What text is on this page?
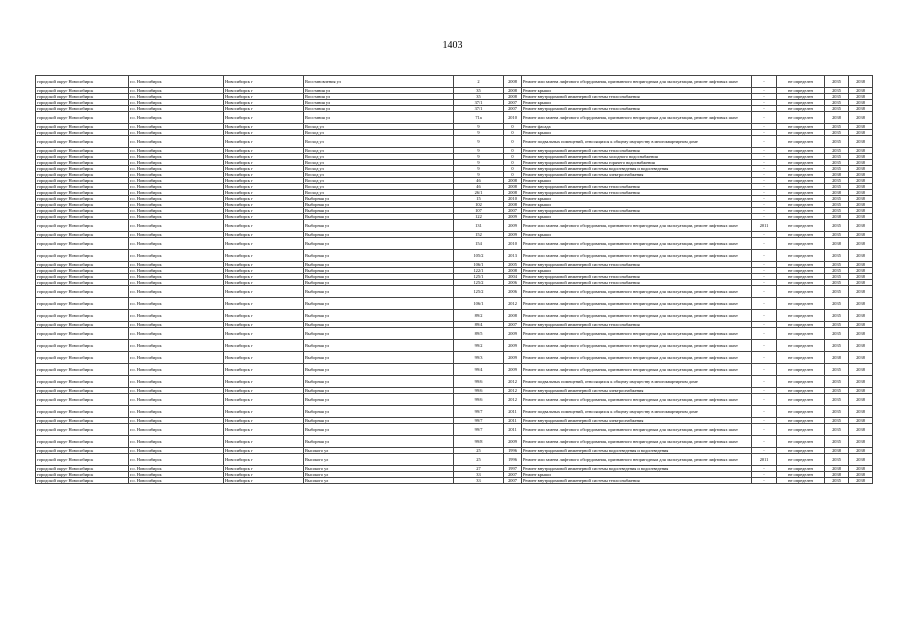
1403
городской округ Новосибирск	г.о. Новосибирск	Новосибирск г	Восстановления ул	2	2008	Ремонт или замена лифтового оборудования, признанного непригодным для эксплуатации, ремонт лифтовых шахт	-	не определен	2035	2038
городской округ Новосибирск	г.о. Новосибирск	Новосибирск г	Восстания ул	35	2008	Ремонт крыши	-	не определен	2035	2038
городской округ Новосибирск	г.о. Новосибирск	Новосибирск г	Восстания ул	35	2008	Ремонт внутридомовой инженерной системы теплоснабжения	-	не определен	2035	2038
городской округ Новосибирск	г.о. Новосибирск	Новосибирск г	Восстания ул	37/1	2007	Ремонт крыши	-	не определен	2035	2038
городской округ Новосибирск	г.о. Новосибирск	Новосибирск г	Восстания ул	37/1	2007	Ремонт внутридомовой инженерной системы теплоснабжения	-	не определен	2035	2038
городской округ Новосибирск	г.о. Новосибирск	Новосибирск г	Восстания ул	71а	2010	Ремонт или замена лифтового оборудования, признанного непригодным для эксплуатации, ремонт лифтовых шахт	-	не определен	2038	2038
городской округ Новосибирск	г.о. Новосибирск	Новосибирск г	Восход ул	9	0	Ремонт фасада	-	не определен	2035	2038
городской округ Новосибирск	г.о. Новосибирск	Новосибирск г	Восход ул	9	0	Ремонт крыши	-	не определен	2035	2038
городской округ Новосибирск	г.о. Новосибирск	Новосибирск г	Восход ул	9	0	Ремонт подвальных помещений, относящихся к общему имуществу в многоквартирном доме	-	не определен	2035	2038
городской округ Новосибирск	г.о. Новосибирск	Новосибирск г	Восход ул	9	0	Ремонт внутридомовой инженерной системы теплоснабжения	-	не определен	2035	2038
городской округ Новосибирск	г.о. Новосибирск	Новосибирск г	Восход ул	9	0	Ремонт внутридомовой инженерной системы холодного водоснабжения	-	не определен	2035	2038
городской округ Новосибирск	г.о. Новосибирск	Новосибирск г	Восход ул	9	0	Ремонт внутридомовой инженерной системы горячего водоснабжения	-	не определен	2035	2038
городской округ Новосибирск	г.о. Новосибирск	Новосибирск г	Восход ул	9	0	Ремонт внутридомовой инженерной системы водоотведения и водоотведения	-	не определен	2035	2038
городской округ Новосибирск	г.о. Новосибирск	Новосибирск г	Восход ул	9	0	Ремонт внутридомовой инженерной системы электроснабжения	-	не определен	2038	2038
городской округ Новосибирск	г.о. Новосибирск	Новосибирск г	Восход ул	46	2008	Ремонт крыши	-	не определен	2035	2038
городской округ Новосибирск	г.о. Новосибирск	Новосибирск г	Восход ул	46	2008	Ремонт внутридомовой инженерной системы теплоснабжения	-	не определен	2035	2038
городской округ Новосибирск	г.о. Новосибирск	Новосибирск г	Восход ул	26/1	2008	Ремонт внутридомовой инженерной системы теплоснабжения	-	не определен	2038	2038
городской округ Новосибирск	г.о. Новосибирск	Новосибирск г	Выборная ул	15	2010	Ремонт крыши	-	не определен	2035	2038
городской округ Новосибирск	г.о. Новосибирск	Новосибирск г	Выборная ул	102	2008	Ремонт крыши	-	не определен	2035	2038
городской округ Новосибирск	г.о. Новосибирск	Новосибирск г	Выборная ул	107	2007	Ремонт внутридомовой инженерной системы теплоснабжения	-	не определен	2035	2038
городской округ Новосибирск	г.о. Новосибирск	Новосибирск г	Выборная ул	122	2009	Ремонт крыши	-	не определен	2038	2038
городской округ Новосибирск	г.о. Новосибирск	Новосибирск г	Выборная ул	131	2009	Ремонт или замена лифтового оборудования, признанного непригодным для эксплуатации, ремонт лифтовых шахт	2011	не определен	2035	2038
городской округ Новосибирск	г.о. Новосибирск	Новосибирск г	Выборная ул	152	2009	Ремонт крыши	-	не определен	2035	2038
городской округ Новосибирск	г.о. Новосибирск	Новосибирск г	Выборная ул	154	2010	Ремонт или замена лифтового оборудования, признанного непригодным для эксплуатации, ремонт лифтовых шахт	-	не определен	2038	2038
городской округ Новосибирск	г.о. Новосибирск	Новосибирск г	Выборная ул	105/2	2013	Ремонт или замена лифтового оборудования, признанного непригодным для эксплуатации, ремонт лифтовых шахт	-	не определен	2035	2038
городской округ Новосибирск	г.о. Новосибирск	Новосибирск г	Выборная ул	106/1	2005	Ремонт внутридомовой инженерной системы теплоснабжения	-	не определен	2035	2038
городской округ Новосибирск	г.о. Новосибирск	Новосибирск г	Выборная ул	122/1	2008	Ремонт крыши	-	не определен	2035	2038
городской округ Новосибирск	г.о. Новосибирск	Новосибирск г	Выборная ул	125/1	2004	Ремонт внутридомовой инженерной системы теплоснабжения	-	не определен	2035	2038
городской округ Новосибирск	г.о. Новосибирск	Новосибирск г	Выборная ул	125/2	2006	Ремонт внутридомовой инженерной системы теплоснабжения	-	не определен	2035	2038
городской округ Новосибирск	г.о. Новосибирск	Новосибирск г	Выборная ул	125/2	2006	Ремонт или замена лифтового оборудования, признанного непригодным для эксплуатации, ремонт лифтовых шахт	-	не определен	2035	2038
городской округ Новосибирск	г.о. Новосибирск	Новосибирск г	Выборная ул	106/1	2012	Ремонт или замена лифтового оборудования, признанного непригодным для эксплуатации, ремонт лифтовых шахт	-	не определен	2035	2038
городской округ Новосибирск	г.о. Новосибирск	Новосибирск г	Выборная ул	89/2	2008	Ремонт или замена лифтового оборудования, признанного непригодным для эксплуатации, ремонт лифтовых шахт	-	не определен	2035	2038
городской округ Новосибирск	г.о. Новосибирск	Новосибирск г	Выборная ул	89/4	2007	Ремонт внутридомовой инженерной системы теплоснабжения	-	не определен	2035	2038
городской округ Новосибирск	г.о. Новосибирск	Новосибирск г	Выборная ул	89/5	2009	Ремонт или замена лифтового оборудования, признанного непригодным для эксплуатации, ремонт лифтовых шахт	-	не определен	2035	2038
городской округ Новосибирск	г.о. Новосибирск	Новосибирск г	Выборная ул	99/2	2009	Ремонт или замена лифтового оборудования, признанного непригодным для эксплуатации, ремонт лифтовых шахт	-	не определен	2035	2038
городской округ Новосибирск	г.о. Новосибирск	Новосибирск г	Выборная ул	99/3	2009	Ремонт или замена лифтового оборудования, признанного непригодным для эксплуатации, ремонт лифтовых шахт	-	не определен	2038	2038
городской округ Новосибирск	г.о. Новосибирск	Новосибирск г	Выборная ул	99/4	2009	Ремонт или замена лифтового оборудования, признанного непригодным для эксплуатации, ремонт лифтовых шахт	-	не определен	2035	2038
городской округ Новосибирск	г.о. Новосибирск	Новосибирск г	Выборная ул	99/6	2012	Ремонт подвальных помещений, относящихся к общему имуществу в многоквартирном доме	-	не определен	2035	2038
городской округ Новосибирск	г.о. Новосибирск	Новосибирск г	Выборная ул	99/6	2012	Ремонт внутридомовой инженерной системы электроснабжения	-	не определен	2035	2038
городской округ Новосибирск	г.о. Новосибирск	Новосибирск г	Выборная ул	99/6	2012	Ремонт или замена лифтового оборудования, признанного непригодным для эксплуатации, ремонт лифтовых шахт	-	не определен	2035	2038
городской округ Новосибирск	г.о. Новосибирск	Новосибирск г	Выборная ул	99/7	2011	Ремонт подвальных помещений, относящихся к общему имуществу в многоквартирном доме	-	не определен	2035	2038
городской округ Новосибирск	г.о. Новосибирск	Новосибирск г	Выборная ул	99/7	2011	Ремонт внутридомовой инженерной системы электроснабжения	-	не определен	2035	2038
городской округ Новосибирск	г.о. Новосибирск	Новосибирск г	Выборная ул	99/7	2011	Ремонт или замена лифтового оборудования, признанного непригодным для эксплуатации, ремонт лифтовых шахт	-	не определен	2035	2038
городской округ Новосибирск	г.о. Новосибирск	Новосибирск г	Выборная ул	99/8	2009	Ремонт или замена лифтового оборудования, признанного непригодным для эксплуатации, ремонт лифтовых шахт	-	не определен	2035	2038
городской округ Новосибирск	г.о. Новосибирск	Новосибирск г	Высокого ул	25	1996	Ремонт внутридомовой инженерной системы водоотведения и водоотведения	-	не определен	2038	2038
городской округ Новосибирск	г.о. Новосибирск	Новосибирск г	Высокого ул	25	1996	Ремонт или замена лифтового оборудования, признанного непригодным для эксплуатации, ремонт лифтовых шахт	2011	не определен	2035	2038
городской округ Новосибирск	г.о. Новосибирск	Новосибирск г	Высокого ул	27	1997	Ремонт внутридомовой инженерной системы водоотведения и водоотведения	-	не определен	2038	2038
городской округ Новосибирск	г.о. Новосибирск	Новосибирск г	Высокого ул	33	2007	Ремонт крыши	-	не определен	2038	2038
городской округ Новосибирск	г.о. Новосибирск	Новосибирск г	Высокого ул	33	2007	Ремонт внутридомовой инженерной системы теплоснабжения	-	не определен	2035	2038
